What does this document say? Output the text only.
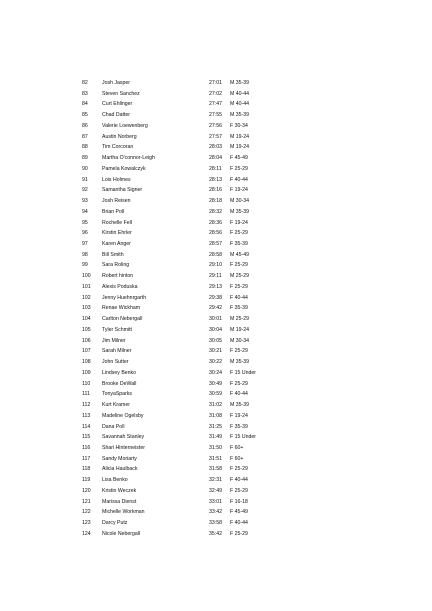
82	Josh Jasper	27:01 M 35-39
83	Steven Sanchez	27:02 M 40-44
84	Curt Ehlinger	27:47 M 40-44
85	Chad Datter	27:55 M 35-39
86	Valerie Loewenberg	27:56 F 30-34
87	Austin Norberg	27:57 M 19-24
88	Tim Corcoran	28:03 M 19-24
89	Martha O'connor-Leigh	28:04 F 45-49
90	Pamela Kowalczyk	28:11 F 25-29
91	Lois Holmes	28:13 F 40-44
92	Samantha Signer	28:16 F 19-24
93	Josh Reisen	28:18 M 30-34
94	Brian Poll	28:32 M 35-39
95	Rochelle Fell	28:36 F 19-24
96	Kirstin Ehrler	28:56 F 25-29
97	Karen Anger	28:57 F 35-39
98	Bill Smith	28:58 M 45-49
99	Sara Roling	29:10 F 25-29
100	Robert hinton	29:11 M 25-29
101	Alexis Poduska	29:13 F 25-29
102	Jenny Huehnrgarth	29:38 F 40-44
103	Renae Wickham	29:42 F 35-39
104	Carlton Nebergall	30:01 M 25-29
105	Tyler Schmitt	30:04 M 19-24
106	Jim Milner	30:05 M 30-34
107	Sarah Milner	30:21 F 25-29
108	John Sutter	30:22 M 35-39
109	Lindsey Benko	30:24 F 15 Under
110	Brooke DeWall	30:49 F 25-29
111	TonyaSparks	30:59 F 40-44
112	Kurt Kramer	31:02 M 35-39
113	Madeline Ogelsby	31:08 F 19-24
114	Dana Poll	31:25 F 35-39
115	Savannah Stanley	31:49 F 15 Under
116	Shari Hinterneister	31:50 F 60+
117	Sandy Moriarty	31:51 F 60+
118	Alicia Haulback	31:58 F 25-29
119	Lisa Benko	32:31 F 40-44
120	Kristin Weczek	32:49 F 25-29
121	Marissa Dienst	33:01 F 16-18
122	Michelle Workman	33:42 F 45-49
123	Darcy Putz	33:58 F 40-44
124	Nicole Nebergall	35:42 F 25-29
